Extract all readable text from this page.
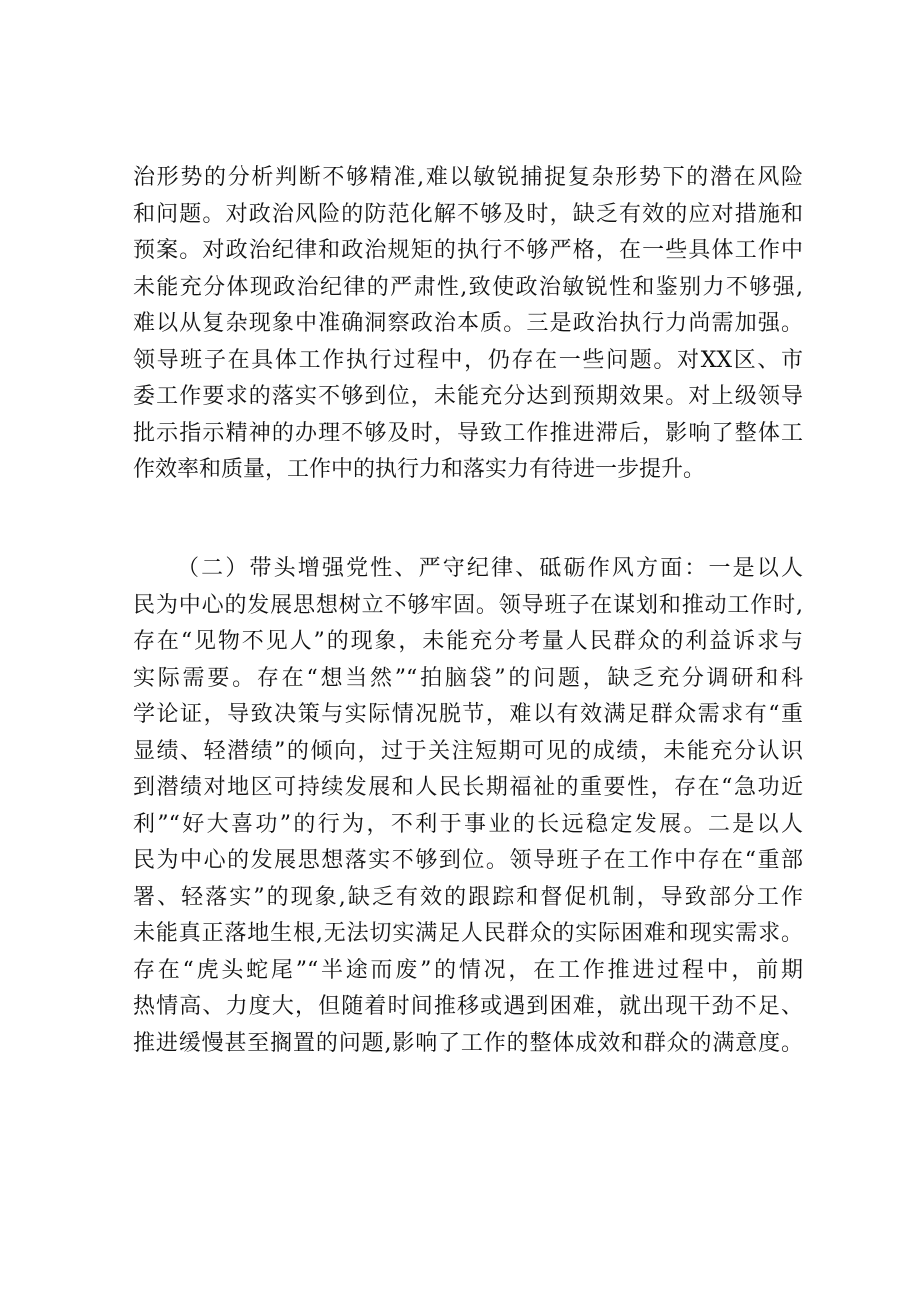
治形势的分析判断不够精准,难以敏锐捕捉复杂形势下的潜在风险
和问题。对政治风险的防范化解不够及时，缺乏有效的应对措施和
预案。对政治纪律和政治规矩的执行不够严格，在一些具体工作中
未能充分体现政治纪律的严肃性,致使政治敏锐性和鉴别力不够强,
难以从复杂现象中准确洞察政治本质。三是政治执行力尚需加强。
领导班子在具体工作执行过程中，仍存在一些问题。对XX区、市
委工作要求的落实不够到位，未能充分达到预期效果。对上级领导
批示指示精神的办理不够及时，导致工作推进滞后，影响了整体工
作效率和质量，工作中的执行力和落实力有待进一步提升。
（二）带头增强党性、严守纪律、砥砺作风方面：一是以人
民为中心的发展思想树立不够牢固。领导班子在谋划和推动工作时,
存在“见物不见人”的现象，未能充分考量人民群众的利益诉求与
实际需要。存在“想当然”“拍脑袋”的问题，缺乏充分调研和科
学论证，导致决策与实际情况脱节，难以有效满足群众需求有“重
显绩、轻潜绩”的倾向，过于关注短期可见的成绩，未能充分认识
到潜绩对地区可持续发展和人民长期福祉的重要性，存在“急功近
利”“好大喜功”的行为，不利于事业的长远稳定发展。二是以人
民为中心的发展思想落实不够到位。领导班子在工作中存在“重部
署、轻落实”的现象,缺乏有效的跟踪和督促机制，导致部分工作
未能真正落地生根,无法切实满足人民群众的实际困难和现实需求。
存在“虎头蛇尾”“半途而废”的情况，在工作推进过程中，前期
热情高、力度大，但随着时间推移或遇到困难，就出现干劲不足、
推进缓慢甚至搁置的问题,影响了工作的整体成效和群众的满意度。
